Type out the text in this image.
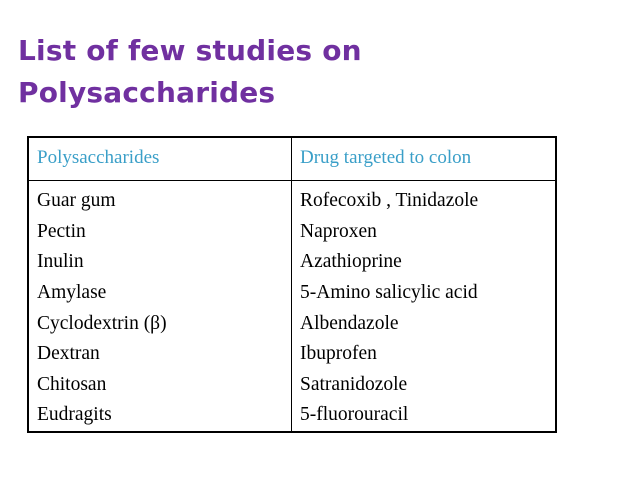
List of few studies on
Polysaccharides
Polysaccharides	Drug targeted to colon
Guar gum
Pectin
Inulin
Amylase
Cyclodextrin (β)
Dextran
Chitosan
Eudragits
Rofecoxib , Tinidazole
Naproxen
Azathioprine
5-Amino salicylic acid
Albendazole
Ibuprofen
Satranidozole
5-fluorouracil
